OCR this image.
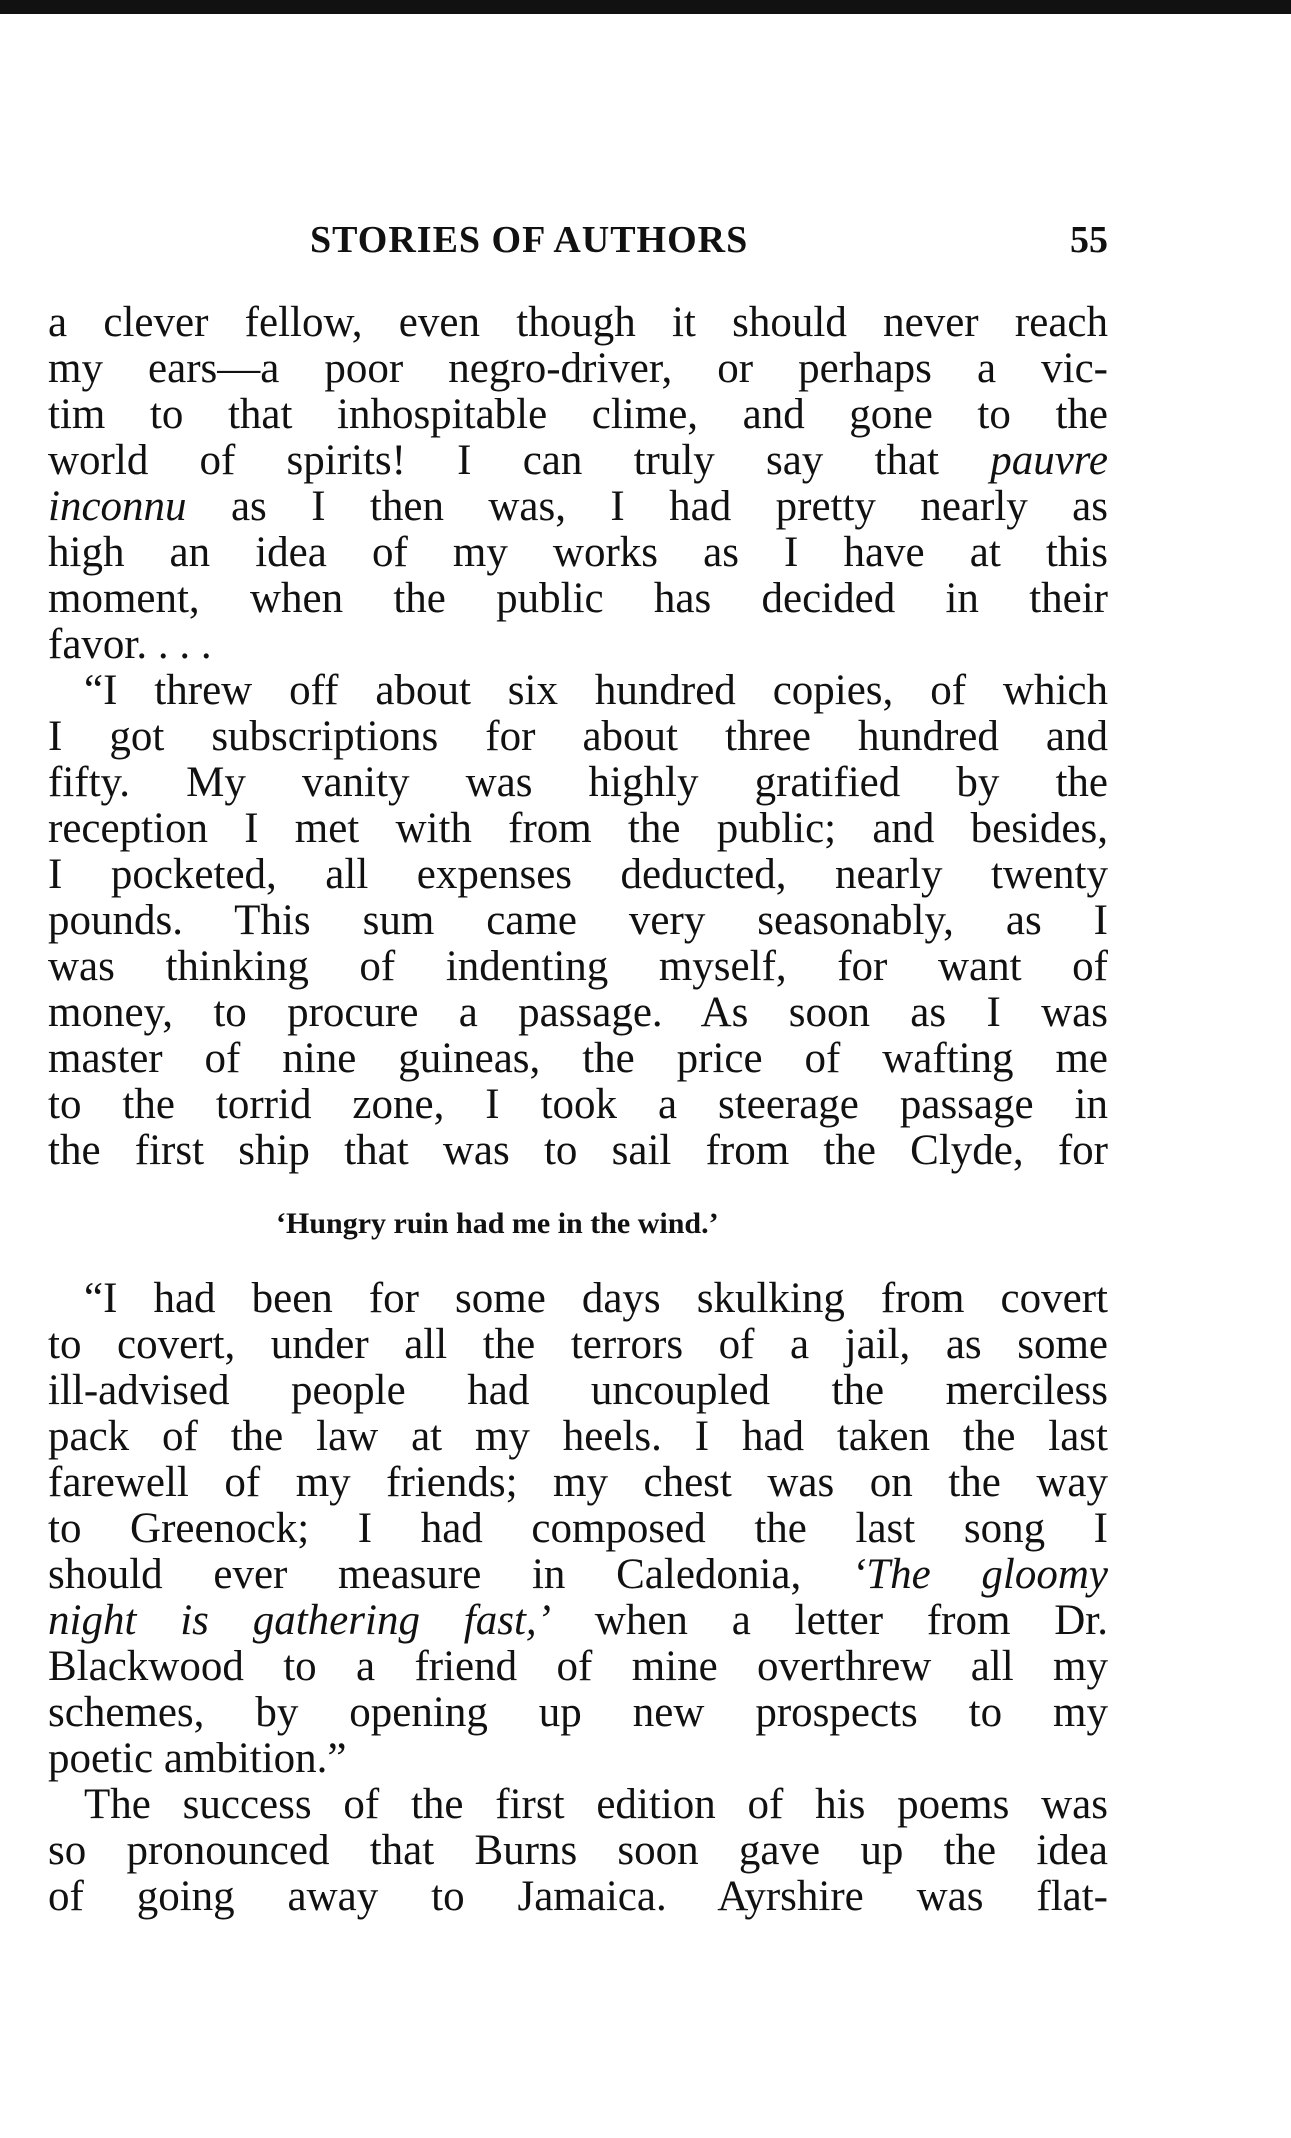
STORIES OF AUTHORS	55
a clever fellow, even though it should never reach
my ears—a poor negro-driver, or perhaps a vic-
tim to that inhospitable clime, and gone to the
world of spirits! I can truly say that pauvre
inconnu as I then was, I had pretty nearly as
high an idea of my works as I have at this
moment, when the public has decided in their
favor. . . .
“I threw off about six hundred copies, of which
I got subscriptions for about three hundred and
fifty. My vanity was highly gratified by the
reception I met with from the public; and besides,
I pocketed, all expenses deducted, nearly twenty
pounds. This sum came very seasonably, as I
was thinking of indenting myself, for want of
money, to procure a passage. As soon as I was
master of nine guineas, the price of wafting me
to the torrid zone, I took a steerage passage in
the first ship that was to sail from the Clyde, for
‘Hungry ruin had me in the wind.’
“I had been for some days skulking from covert
to covert, under all the terrors of a jail, as some
ill-advised people had uncoupled the merciless
pack of the law at my heels. I had taken the last
farewell of my friends; my chest was on the way
to Greenock; I had composed the last song I
should ever measure in Caledonia, ‘The gloomy
night is gathering fast,’ when a letter from Dr.
Blackwood to a friend of mine overthrew all my
schemes, by opening up new prospects to my
poetic ambition.”
The success of the first edition of his poems was
so pronounced that Burns soon gave up the idea
of going away to Jamaica. Ayrshire was flat-
